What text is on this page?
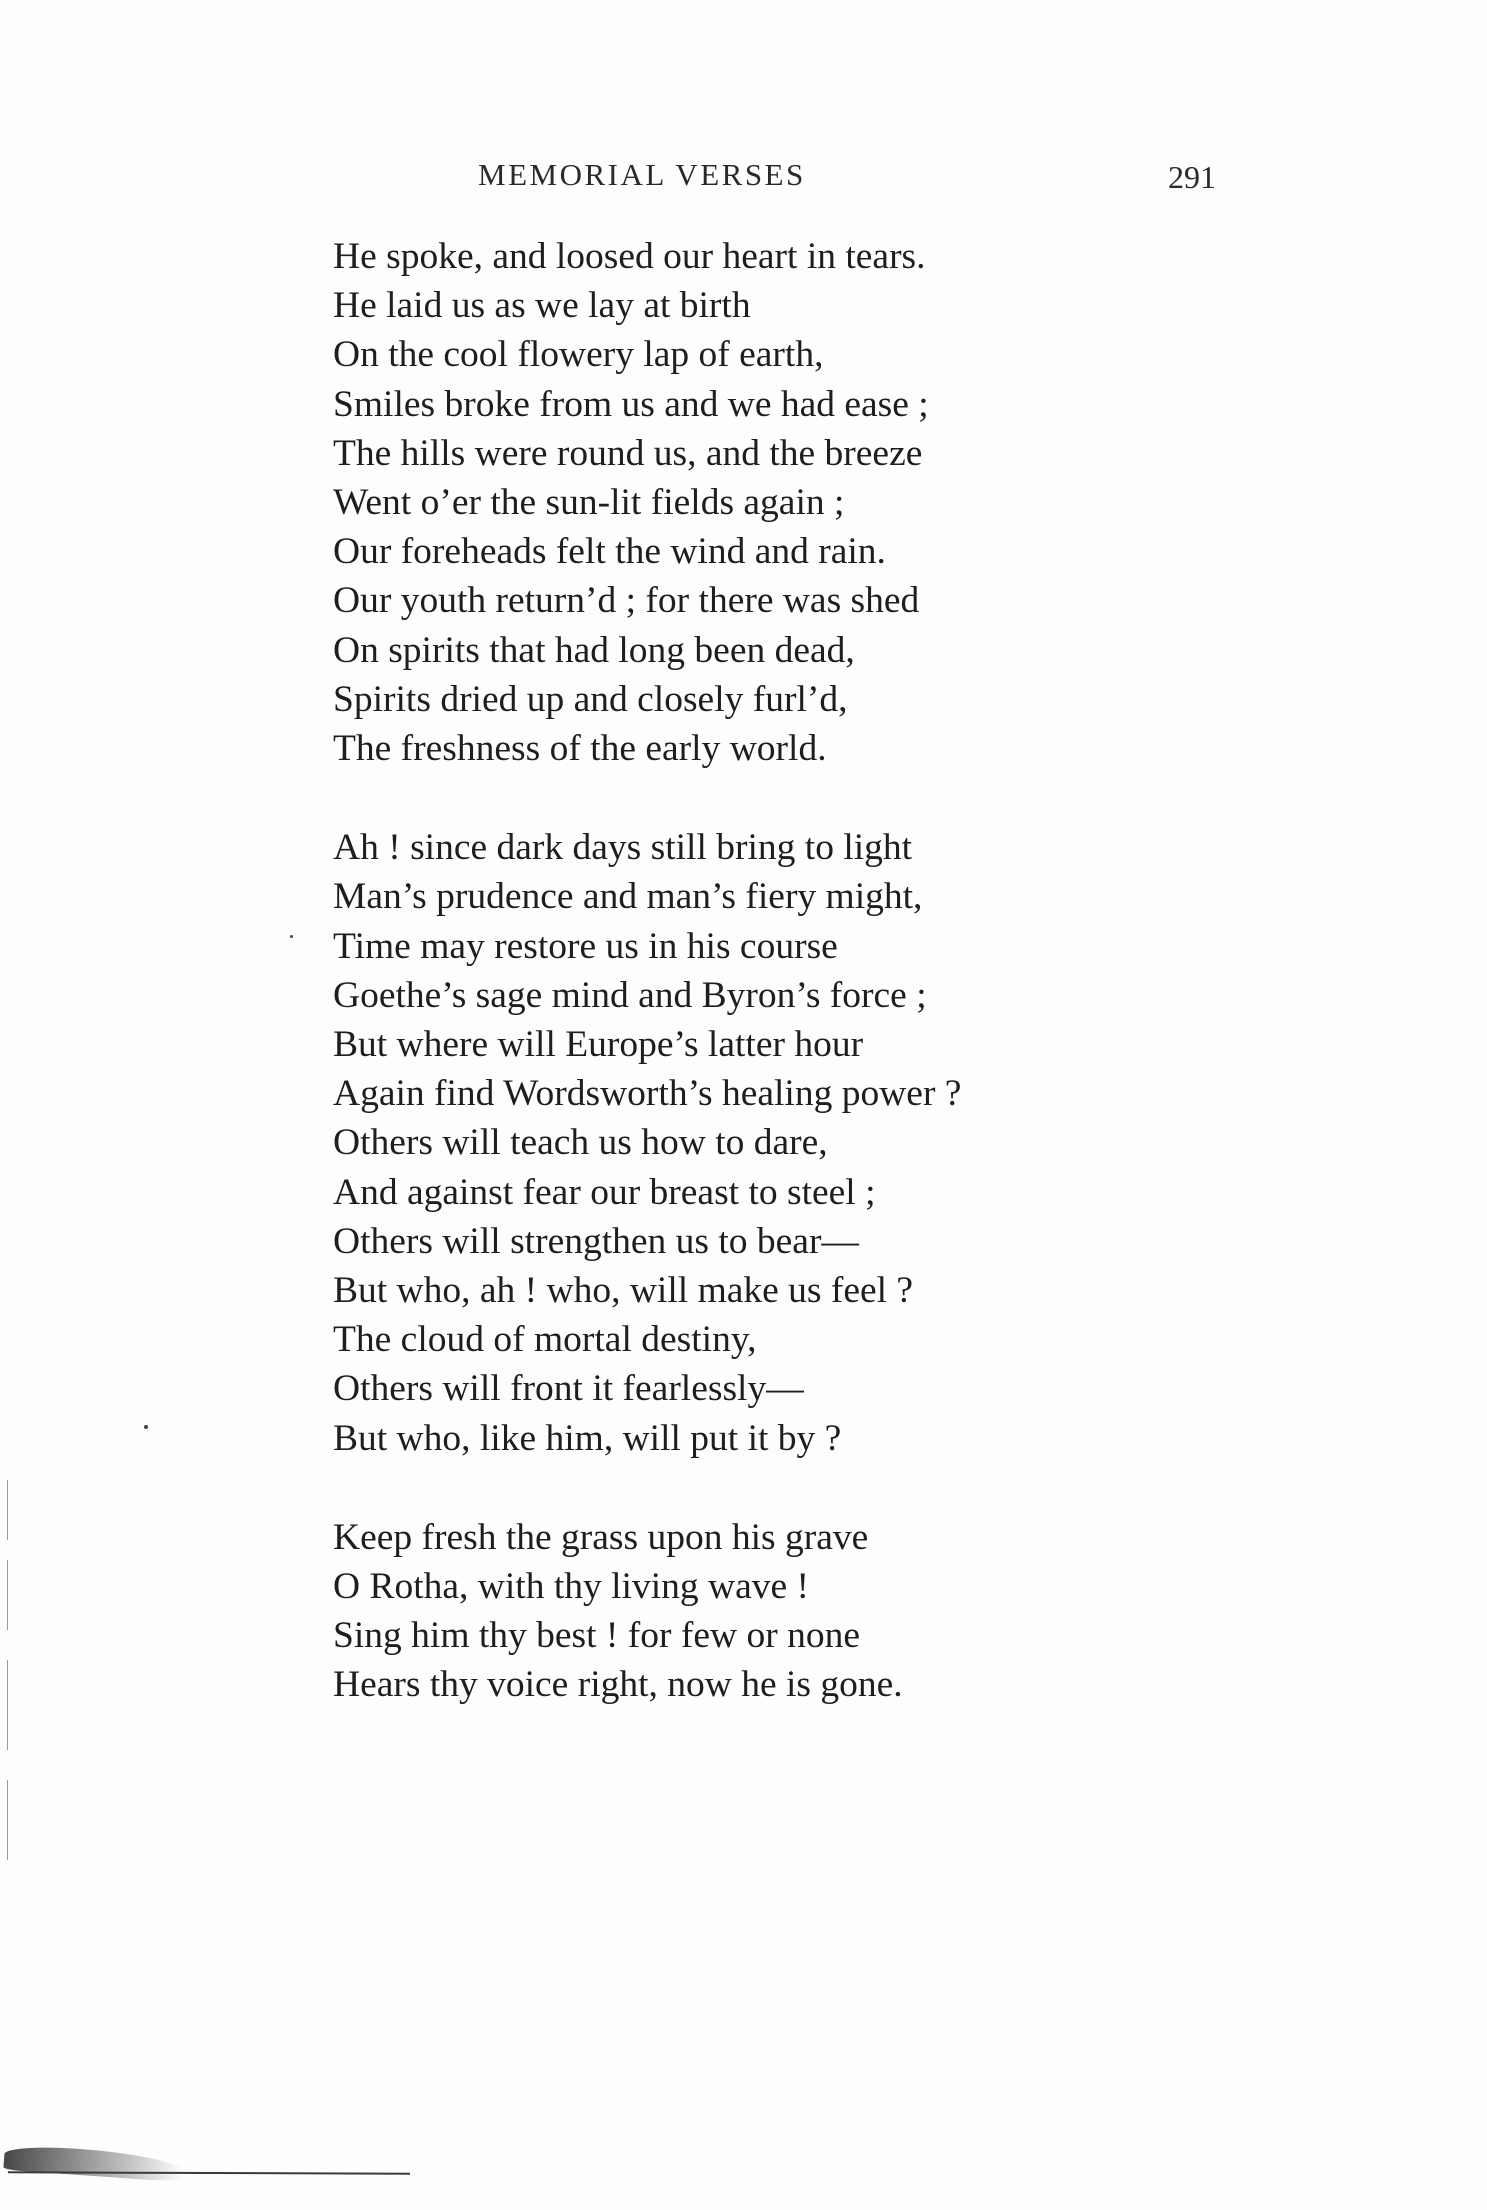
MEMORIAL VERSES	291
He spoke, and loosed our heart in tears.
He laid us as we lay at birth
On the cool flowery lap of earth,
Smiles broke from us and we had ease ;
The hills were round us, and the breeze
Went o’er the sun-lit fields again ;
Our foreheads felt the wind and rain.
Our youth return’d ; for there was shed
On spirits that had long been dead,
Spirits dried up and closely furl’d,
The freshness of the early world.
Ah ! since dark days still bring to light
Man’s prudence and man’s fiery might,
Time may restore us in his course
Goethe’s sage mind and Byron’s force ;
But where will Europe’s latter hour
Again find Wordsworth’s healing power ?
Others will teach us how to dare,
And against fear our breast to steel ;
Others will strengthen us to bear—
But who, ah ! who, will make us feel ?
The cloud of mortal destiny,
Others will front it fearlessly—
But who, like him, will put it by ?
Keep fresh the grass upon his grave
O Rotha, with thy living wave !
Sing him thy best ! for few or none
Hears thy voice right, now he is gone.
